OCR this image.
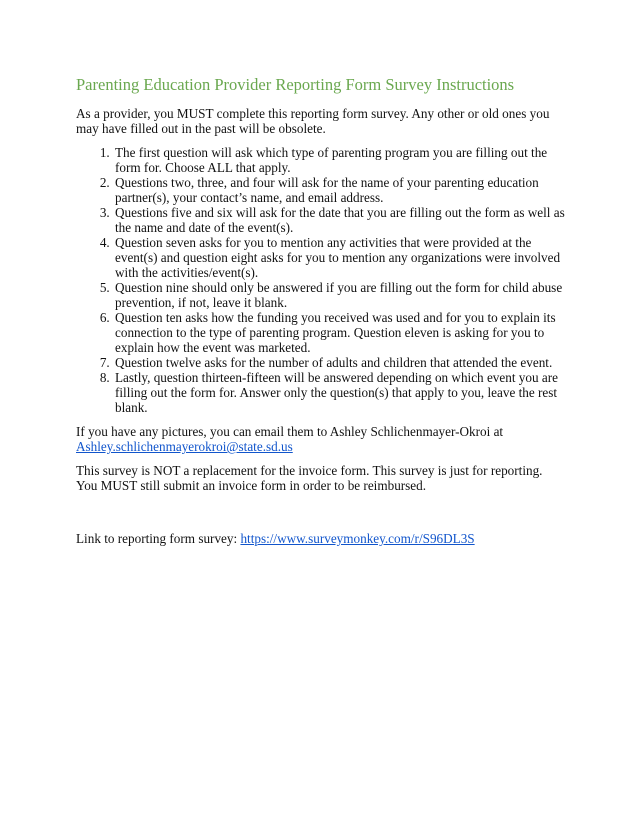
Parenting Education Provider Reporting Form Survey Instructions

As a provider, you MUST complete this reporting form survey. Any other or old ones you may have filled out in the past will be obsolete.

1. The first question will ask which type of parenting program you are filling out the form for. Choose ALL that apply.
2. Questions two, three, and four will ask for the name of your parenting education partner(s), your contact’s name, and email address.
3. Questions five and six will ask for the date that you are filling out the form as well as the name and date of the event(s).
4. Question seven asks for you to mention any activities that were provided at the event(s) and question eight asks for you to mention any organizations were involved with the activities/event(s).
5. Question nine should only be answered if you are filling out the form for child abuse prevention, if not, leave it blank.
6. Question ten asks how the funding you received was used and for you to explain its connection to the type of parenting program. Question eleven is asking for you to explain how the event was marketed.
7. Question twelve asks for the number of adults and children that attended the event.
8. Lastly, question thirteen-fifteen will be answered depending on which event you are filling out the form for. Answer only the question(s) that apply to you, leave the rest blank.

If you have any pictures, you can email them to Ashley Schlichenmayer-Okroi at Ashley.schlichenmayerokroi@state.sd.us

This survey is NOT a replacement for the invoice form. This survey is just for reporting. You MUST still submit an invoice form in order to be reimbursed.

Link to reporting form survey: https://www.surveymonkey.com/r/S96DL3S
